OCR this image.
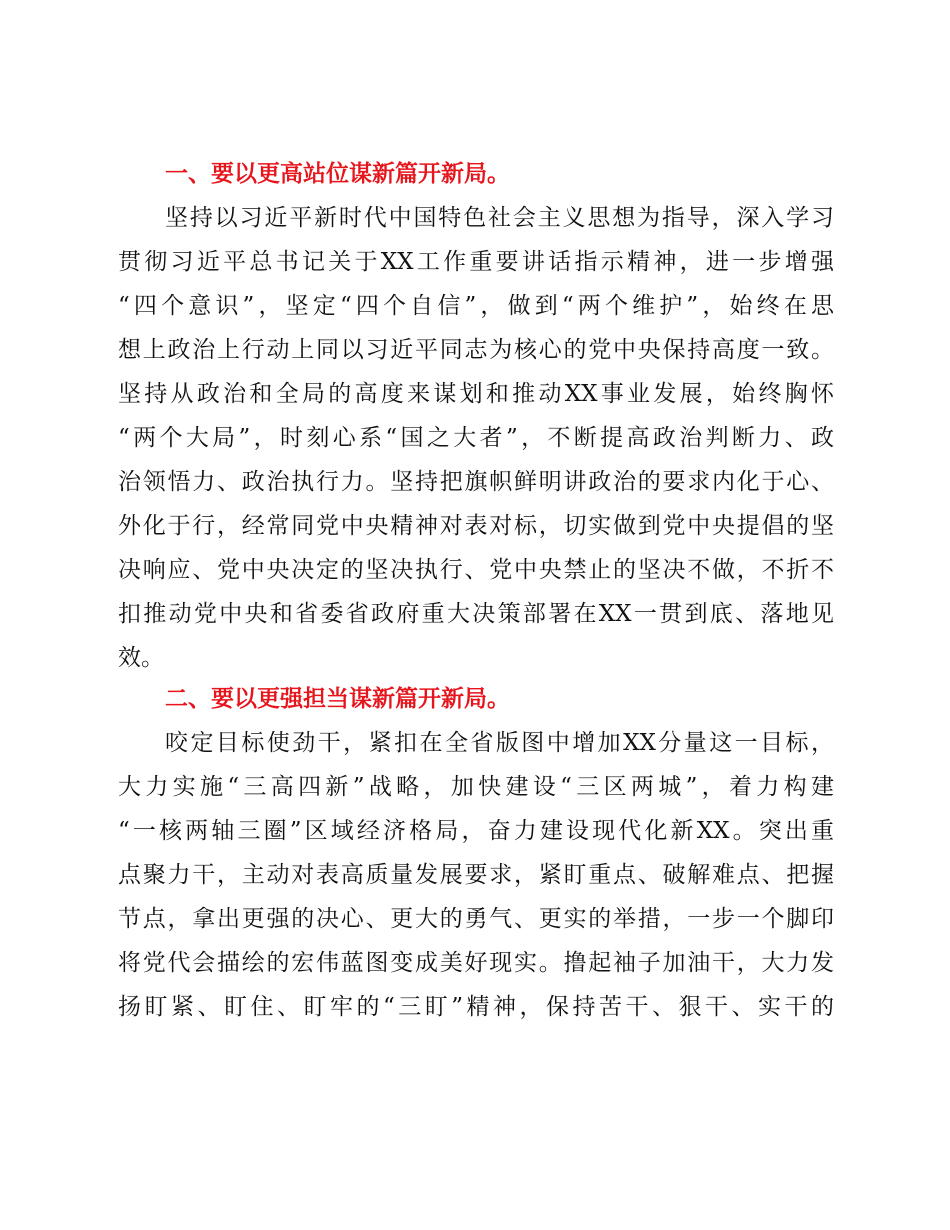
一、要以更高站位谋新篇开新局。
坚持以习近平新时代中国特色社会主义思想为指导，深入学习
贯彻习近平总书记关于XX工作重要讲话指示精神，进一步增强
“四个意识”，坚定“四个自信”，做到“两个维护”，始终在思
想上政治上行动上同以习近平同志为核心的党中央保持高度一致。
坚持从政治和全局的高度来谋划和推动XX事业发展，始终胸怀
“两个大局”，时刻心系“国之大者”，不断提高政治判断力、政
治领悟力、政治执行力。坚持把旗帜鲜明讲政治的要求内化于心、
外化于行，经常同党中央精神对表对标，切实做到党中央提倡的坚
决响应、党中央决定的坚决执行、党中央禁止的坚决不做，不折不
扣推动党中央和省委省政府重大决策部署在XX一贯到底、落地见
效。
二、要以更强担当谋新篇开新局。
咬定目标使劲干，紧扣在全省版图中增加XX分量这一目标，
大力实施“三高四新”战略，加快建设“三区两城”，着力构建
“一核两轴三圈”区域经济格局，奋力建设现代化新XX。突出重
点聚力干，主动对表高质量发展要求，紧盯重点、破解难点、把握
节点，拿出更强的决心、更大的勇气、更实的举措，一步一个脚印
将党代会描绘的宏伟蓝图变成美好现实。撸起袖子加油干，大力发
扬盯紧、盯住、盯牢的“三盯”精神，保持苦干、狠干、实干的
